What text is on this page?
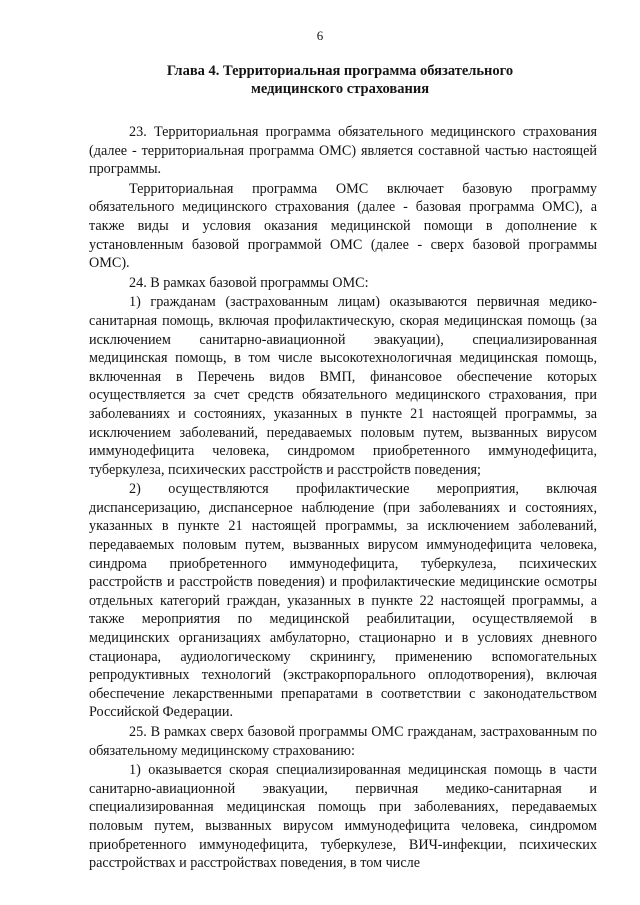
6
Глава 4. Территориальная программа обязательного
медицинского страхования

23. Территориальная программа обязательного медицинского страхования (далее - территориальная программа ОМС) является составной частью настоящей программы.

Территориальная программа ОМС включает базовую программу обязательного медицинского страхования (далее - базовая программа ОМС), а также виды и условия оказания медицинской помощи в дополнение к установленным базовой программой ОМС (далее - сверх базовой программы ОМС).

24. В рамках базовой программы ОМС:

1) гражданам (застрахованным лицам) оказываются первичная медико-санитарная помощь, включая профилактическую, скорая медицинская помощь (за исключением санитарно-авиационной эвакуации), специализированная медицинская помощь, в том числе высокотехнологичная медицинская помощь, включенная в Перечень видов ВМП, финансовое обеспечение которых осуществляется за счет средств обязательного медицинского страхования, при заболеваниях и состояниях, указанных в пункте 21 настоящей программы, за исключением заболеваний, передаваемых половым путем, вызванных вирусом иммунодефицита человека, синдромом приобретенного иммунодефицита, туберкулеза, психических расстройств и расстройств поведения;

2) осуществляются профилактические мероприятия, включая диспансеризацию, диспансерное наблюдение (при заболеваниях и состояниях, указанных в пункте 21 настоящей программы, за исключением заболеваний, передаваемых половым путем, вызванных вирусом иммунодефицита человека, синдрома приобретенного иммунодефицита, туберкулеза, психических расстройств и расстройств поведения) и профилактические медицинские осмотры отдельных категорий граждан, указанных в пункте 22 настоящей программы, а также мероприятия по медицинской реабилитации, осуществляемой в медицинских организациях амбулаторно, стационарно и в условиях дневного стационара, аудиологическому скринингу, применению вспомогательных репродуктивных технологий (экстракорпорального оплодотворения), включая обеспечение лекарственными препаратами в соответствии с законодательством Российской Федерации.

25. В рамках сверх базовой программы ОМС гражданам, застрахованным по обязательному медицинскому страхованию:

1) оказывается скорая специализированная медицинская помощь в части санитарно-авиационной эвакуации, первичная медико-санитарная и специализированная медицинская помощь при заболеваниях, передаваемых половым путем, вызванных вирусом иммунодефицита человека, синдромом приобретенного иммунодефицита, туберкулезе, ВИЧ-инфекции, психических расстройствах и расстройствах поведения, в том числе
